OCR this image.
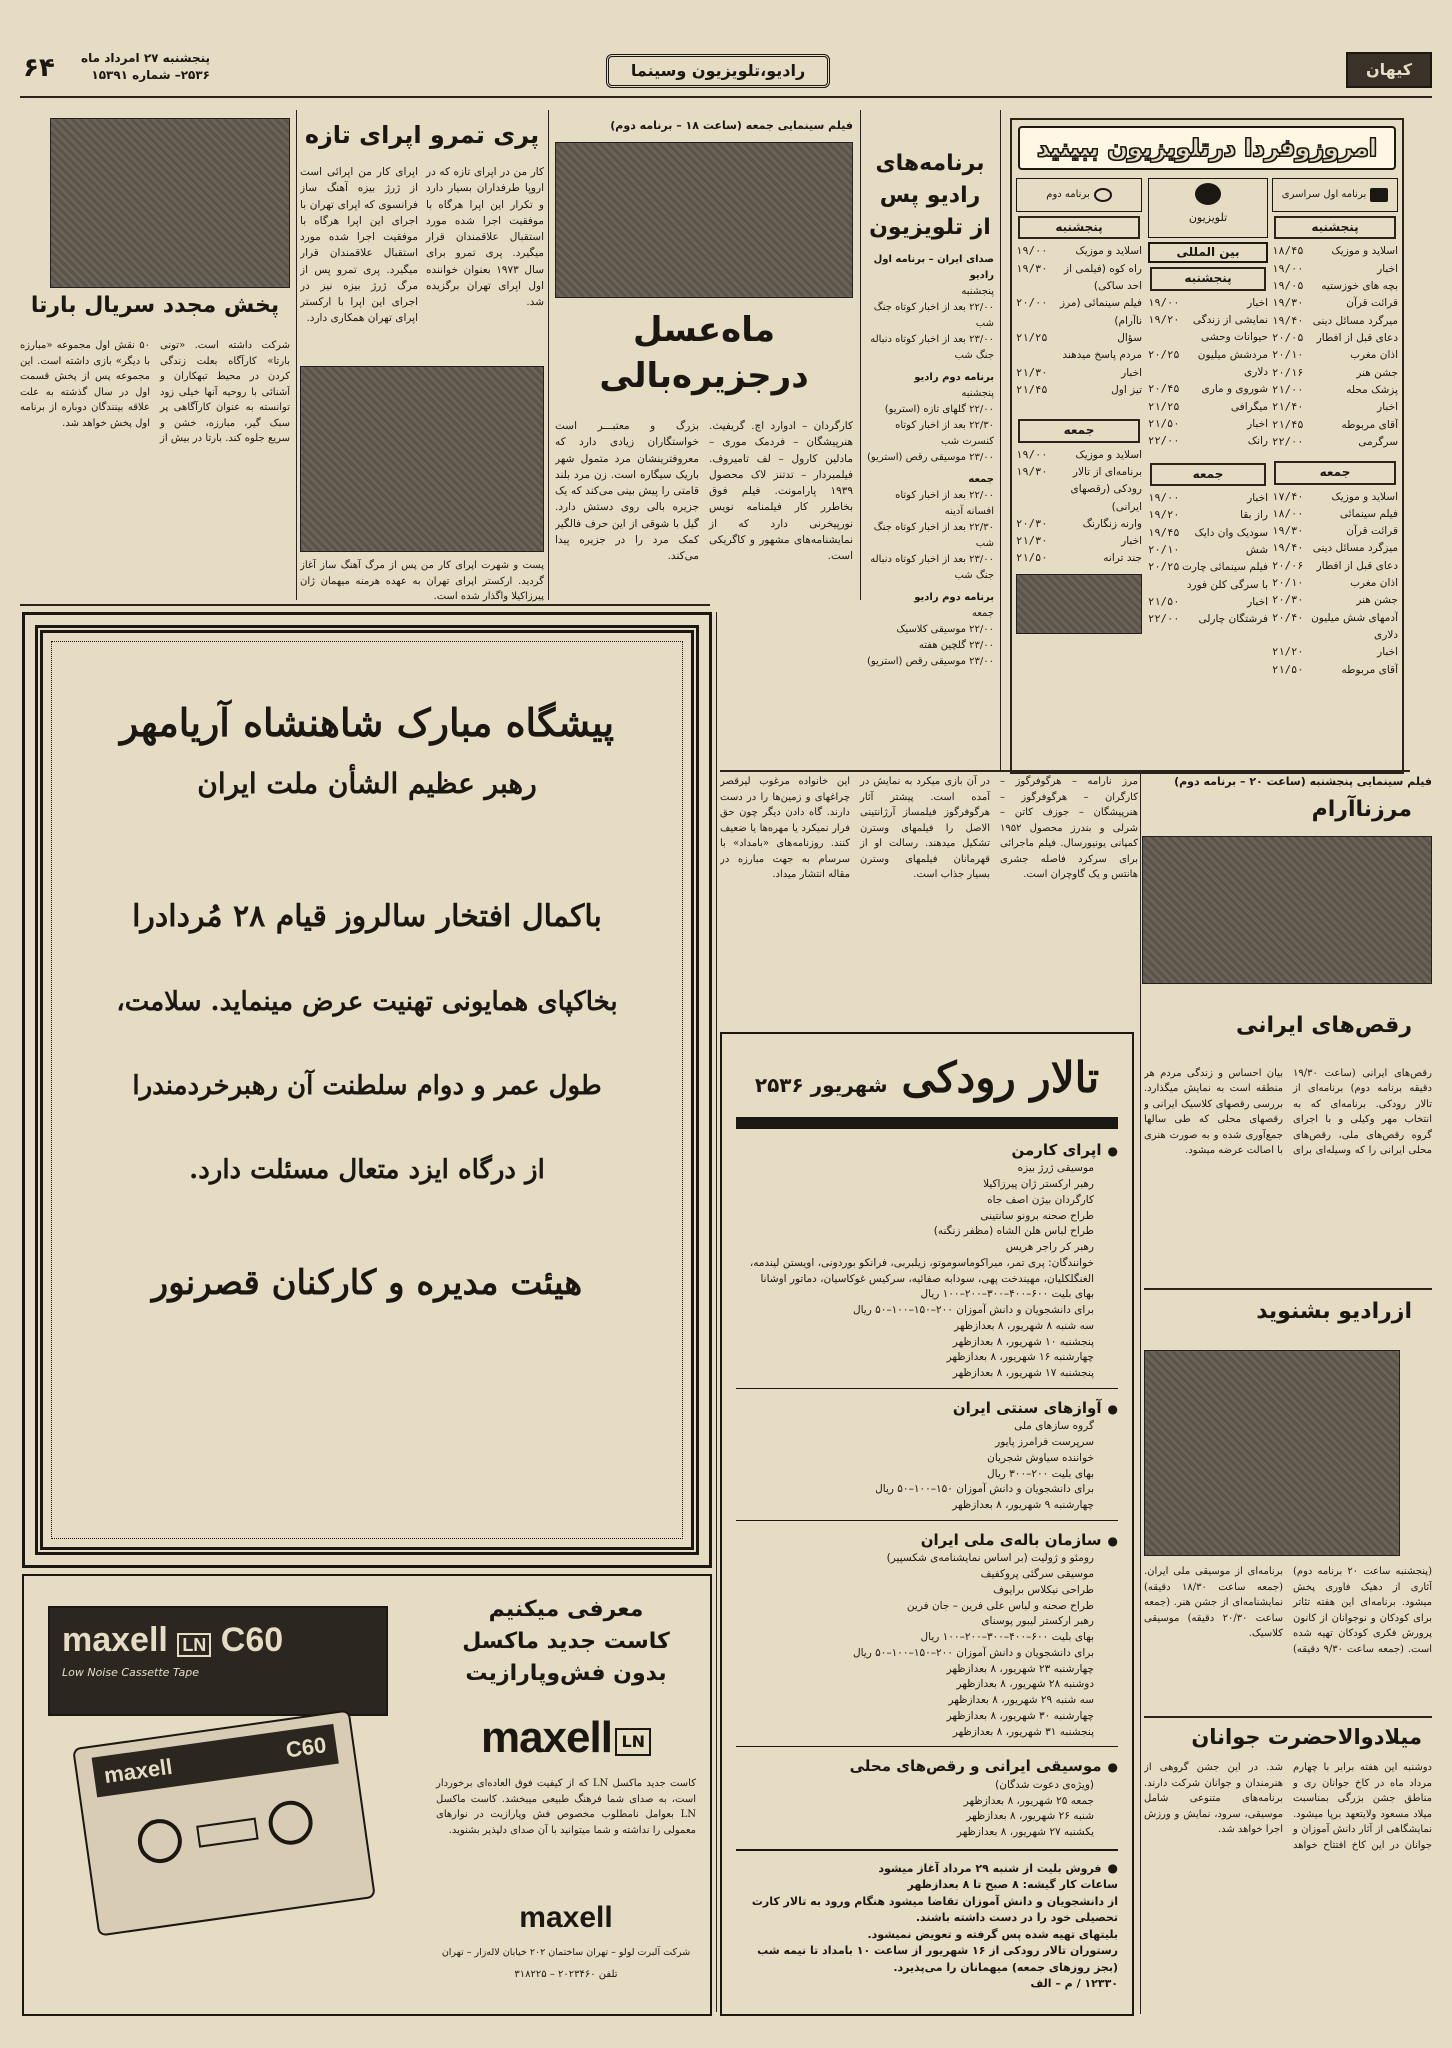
کیهان
رادیو،تلویزیون وسینما
پنجشنبه ۲۷ امرداد ماه
۲۵۳۶– شماره ۱۵۳۹۱
۶۴
امروزوفردا درتلویزیون ببینید
برنامه اول سراسری
پنجشنبه
اسلاید و موزیک
۱۸/۴۵
اخبار
۱۹/۰۰
بچه های خوزستیه
۱۹/۰۵
قرائت قرآن
۱۹/۳۰
میرگرد مسائل دینی
۱۹/۴۰
دعای قبل از افطار
۲۰/۰۵
اذان مغرب
۲۰/۱۰
جشن هنر
۲۰/۱۶
پزشک محله
۲۱/۰۰
اخبار
۲۱/۴۰
آقای مربوطه
۲۱/۴۵
سرگرمی
۲۲/۰۰
جمعه
اسلاید و موزیک
۱۷/۴۰
فیلم سینمائی
۱۸/۰۰
قرائت قرآن
۱۹/۳۰
میزگرد مسائل دینی
۱۹/۴۰
دعای قبل از افطار
۲۰/۰۶
اذان مغرب
۲۰/۱۰
جشن هنر
۲۰/۳۰
آدمهای شش میلیون دلاری
۲۰/۴۰
اخبار
۲۱/۲۰
آقای مربوطه
۲۱/۵۰
تلویزیون
بین المللی
پنجشنبه
اخبار
۱۹/۰۰
نمایشی از زندگی
۱۹/۲۰
حیوانات وحشی
مردشش میلیون دلاری
۲۰/۲۵
شوروی و ماری
۲۰/۴۵
میگرافی
۲۱/۲۵
اخبار
۲۱/۵۰
رانک
۲۲/۰۰
جمعه
اخبار
۱۹/۰۰
راز بقا
۱۹/۲۰
سودیک وان دایک
۱۹/۴۵
شش
۲۰/۱۰
فیلم سینمائی چارت با سرگی کلن فورد
۲۰/۲۵
اخبار
۲۱/۵۰
فرشتگان چارلی
۲۲/۰۰
برنامه دوم
پنجشنبه
اسلاید و موزیک
۱۹/۰۰
راه کوه (فیلمی از احد ساکی)
۱۹/۳۰
فیلم سینمائی (مرز ناآرام)
۲۰/۰۰
سؤال
۲۱/۲۵
مردم پاسخ میدهند
اخبار
۲۱/۳۰
تیز اول
۲۱/۴۵
جمعه
اسلاید و موزیک
۱۹/۰۰
برنامه‌ای از تالار رودکی (رقصهای ایرانی)
۱۹/۳۰
وارنه زنگارنگ
۲۰/۳۰
اخبار
۲۱/۳۰
جند ترانه
۲۱/۵۰
برنامه‌های رادیو پس از تلویزیون
صدای ایران – برنامه اول رادیو
پنجشنبه
۲۲/۰۰ بعد از اخبار کوتاه جنگ شب
۲۳/۰۰ بعد از اخبار کوتاه دنباله جنگ شب
برنامه دوم رادیو
پنجشنبه
۲۲/۰۰ گلهای تازه (استریو)
۲۲/۳۰ بعد از اخبار کوتاه کنسرت شب
۲۳/۰۰ موسیقی رقص (استریو)
جمعه
۲۲/۰۰ بعد از اخبار کوتاه افسانه آدینه
۲۲/۳۰ بعد از اخبار کوتاه جنگ شب
۲۳/۰۰ بعد از اخبار کوتاه دنباله جنگ شب
برنامه دوم رادیو
جمعه
۲۲/۰۰ موسیقی کلاسیک
۲۳/۰۰ گلچین هفته
۲۳/۰۰ موسیقی رقص (استریو)
فیلم سینمایی جمعه (ساعت ۱۸ – برنامه دوم)
ماه‌عسل درجزیره‌بالی
کارگردان – ادوارد اچ. گریفیث. هنرپیشگان – فردمک موری – مادلین کارول – لف تامیروف. فیلمبردار – تدتنز لاک محصول ۱۹۳۹ پارامونت. فیلم فوق بخاطرر کار فیلمنامه نویس نورپیخرنی دارد که از نمایشنامه‌های مشهور و کاگریکی است.
بزرگ و معتبـــر است خواستگاران زیادی دارد که معروفترینشان مرد متمول شهر باریک سیگاره است. زن مرد بلند قامتی را پیش بینی می‌کند که یک جزیره بالی روی دستش دارد. گیل با شوقی از این حرف فالگیر کمک مرد را در جزیره پیدا می‌کند.
پری تمرو اپرای تازه
کار من در اپرای تازه که در اروپا طرفداران بسیار دارد و تکرار این اپرا هرگاه با موفقیت اجرا شده مورد استقبال علاقمندان قرار میگیرد. پری تمرو برای سال ۱۹۷۳ بعنوان خواننده اول اپرای تهران برگزیده شد.
اپرای کار من اپرائی است از ژرژ بیزه آهنگ ساز فرانسوی که اپرای تهران با اجرای این اپرا هرگاه با موفقیت اجرا شده مورد استقبال علاقمندان قرار میگیرد. پری تمرو پس از مرگ ژرژ بیزه نیز در اجرای این اپرا با ارکستر اپرای تهران همکاری دارد.
پست و شهرت اپرای کار من پس از مرگ آهنگ ساز آغاز گردید. ارکستر اپرای تهران به عهده هرمنه میهمان ژان پیرزاکیلا واگذار شده است.
پخش مجدد سریال بارتا
شرکت داشته است. «تونی بارتا» کارآگاه بعلت زندگی کردن در محیط تبهکاران و آشنائی با روحیه آنها خیلی زود توانسته به عنوان کارآگاهی پر سبک گیر، مبارزه، خشن و سریع جلوه کند. بارتا در بیش از ۵۰ نقش اول مجموعه «مبارزه با دیگر» بازی داشته است. این مجموعه پس از پخش قسمت اول در سال گذشته به علت علاقه بینندگان دوباره از برنامه اول پخش خواهد شد.
پیشگاه مبارک شاهنشاه آریامهر
رهبر عظیم الشأن ملت ایران
باکمال افتخار سالروز قیام ۲۸ مُردادرا
بخاکپای همایونی تهنیت عرض مینماید. سلامت،
طول عمر و دوام سلطنت آن رهبرخردمندرا
از درگاه ایزد متعال مسئلت دارد.
هیئت مدیره و کارکنان قصرنور
این خانواده مرغوب لیرقصر چراغهای و زمین‌ها را در دست دارند. گاه دادن دیگر چون حق فرار نمیکرد یا مهره‌ها یا ضعیف کنند. روزنامه‌های «بامداد» با سرسام به جهت مبارزه در مقاله انتشار میداد.
در آن بازی میکرد به نمایش در آمده است. پیشتر آثار هرگوفرگوز فیلمساز آرژانتینی الاصل را فیلمهای وسترن تشکیل میدهند. رسالت او از قهرمانان فیلمهای وسترن بسیار جذاب است.
مرز نارامه – هرگوفرگوز – کارگران – هرگوفرگوز – هنرپیشگان – جوزف کاتن – شرلی و بندرز محصول ۱۹۵۲ کمپانی یونیورسال. فیلم ماجرائی برای سرکرد فاصله جشری هانتس و یک گاوچران است.
فیلم سینمایی پنجشنبه (ساعت ۲۰ – برنامه دوم)
مرزناآرام
رقص‌های ایرانی
رقص‌های ایرانی (ساعت ۱۹/۳۰ دقیقه برنامه دوم) برنامه‌ای از تالار رودکی. برنامه‌ای که به انتخاب مهر وکیلی و با اجرای گروه رقص‌های ملی، رقص‌های محلی ایرانی را که وسیله‌ای برای بیان احساس و زندگی مردم هر منطقه است به نمایش میگذارد. بررسی رقصهای کلاسیک ایرانی و رقصهای محلی که طی سالها جمع‌آوری شده و به صورت هنری با اصالت عرضه میشود.
ازرادیو بشنوید
(پنجشنبه ساعت ۲۰ برنامه دوم) آثاری از دهیک فاوری پخش میشود. برنامه‌ای این هفته تئاتر برای کودکان و نوجوانان از کانون پرورش فکری کودکان تهیه شده است. (جمعه ساعت ۹/۳۰ دقیقه) برنامه‌ای از موسیقی ملی ایران. (جمعه ساعت ۱۸/۳۰ دقیقه) نمایشنامه‌ای از جشن هنر. (جمعه ساعت ۲۰/۳۰ دقیقه) موسیقی کلاسیک.
میلادوالاحضرت جوانان
دوشنبه این هفته برابر با چهارم مرداد ماه در کاخ جوانان ری و مناطق جشن بزرگی بمناسبت میلاد مسعود ولایتعهد برپا میشود. نمایشگاهی از آثار دانش آموزان و جوانان در این کاخ افتتاح خواهد شد. در این جشن گروهی از هنرمندان و جوانان شرکت دارند. برنامه‌های متنوعی شامل موسیقی، سرود، نمایش و ورزش اجرا خواهد شد.
تالار رودکی
شهریور ۲۵۳۶
● اپرای کارمن
موسیقی ژرژ بیزه
رهبر ارکستر ژان پیرزاکیلا
کارگردان بیژن اصف جاه
طراح صحنه برونو سانتینی
طراح لباس هلن الشاه (مظفر زنگنه)
رهبر کر راجر هریس
خوانندگان: پری تمر، میراکوماسوموتو، زیلبربی، فرانکو بوردونی، اویستن لیندمه، الغنگلکلیان، مهیندخت پهی، سودابه صفائیه، سرکیس غوکاسیان، دماتور اوشانا
بهای بلیت ۶۰۰–۴۰۰–۳۰۰–۲۰۰–۱۰۰ ریال
برای دانشجویان و دانش آموزان ۲۰۰–۱۵۰–۱۰۰–۵۰ ریال
سه شنبه ۸ شهریور، ۸ بعدازظهر
پنجشنبه ۱۰ شهریور، ۸ بعدازظهر
چهارشنبه ۱۶ شهریور، ۸ بعدازظهر
پنجشنبه ۱۷ شهریور، ۸ بعدازظهر
● آوازهای سنتی ایران
گروه سازهای ملی
سرپرست فرامرز پایور
خواننده سیاوش شجریان
بهای بلیت ۲۰۰–۳۰۰ ریال
برای دانشجویان و دانش آموزان ۱۵۰–۱۰۰–۵۰ ریال
چهارشنبه ۹ شهریور، ۸ بعدازظهر
● سازمان باله‌ی ملی ایران
رومئو و ژولیت (بر اساس نمایشنامه‌ی شکسپیر)
موسیقی سرگئی پروکفیف
طراحی نیکلاس برایوف
طراح صحنه و لباس علی فرین – جان فرین
رهبر ارکستر لیبور پوسنای
بهای بلیت ۶۰۰–۴۰۰–۳۰۰–۲۰۰–۱۰۰ ریال
برای دانشجویان و دانش آموزان ۲۰۰–۱۵۰–۱۰۰–۵۰ ریال
چهارشنبه ۲۳ شهریور، ۸ بعدازظهر
دوشنبه ۲۸ شهریور، ۸ بعدازظهر
سه شنبه ۲۹ شهریور، ۸ بعدازظهر
چهارشنبه ۳۰ شهریور، ۸ بعدازظهر
پنجشنبه ۳۱ شهریور، ۸ بعدازظهر
● موسیقی ایرانی و رقص‌های محلی
(ویژه‌ی دعوت شدگان)
جمعه ۲۵ شهریور، ۸ بعدازظهر
شنبه ۲۶ شهریور، ۸ بعدازظهر
یکشنبه ۲۷ شهریور، ۸ بعدازظهر
● فروش بلیت از شنبه ۲۹ مرداد آغاز میشود
ساعات کار گیشه: ۸ صبح تا ۸ بعدازظهر
از دانشجویان و دانش آموزان تقاضا میشود هنگام ورود به تالار کارت تحصیلی خود را در دست داشته باشند.
بلیتهای تهیه شده پس گرفته و تعویض نمیشود.
رستوران تالار رودکی از ۱۶ شهریور از ساعت ۱۰ بامداد تا نیمه شب (بجز روزهای جمعه) میهمانان را می‌پذیرد.
۱۲۳۳۰ / م – الف
معرفی میکنیم
کاست جدید ماکسل
بدون فش‌وپارازیت
maxell LN
کاست جدید ماکسل LN که از کیفیت فوق العاده‌ای برخوردار است، به صدای شما فرهنگ طبیعی میبخشد. کاست ماکسل LN بعوامل نامطلوب مخصوص فش وپارازیت در نوارهای معمولی را نداشته و شما میتوانید با آن صدای دلپذیر بشنوید.
maxell
شرکت آلبرت لولو – تهران ساختمان ۲۰۲ خیابان لاله‌زار – تهران
تلفن ۲۰۲۳۴۶۰ – ۳۱۸۲۲۵
maxell LN C60
Low Noise Cassette Tape
maxell
C60
